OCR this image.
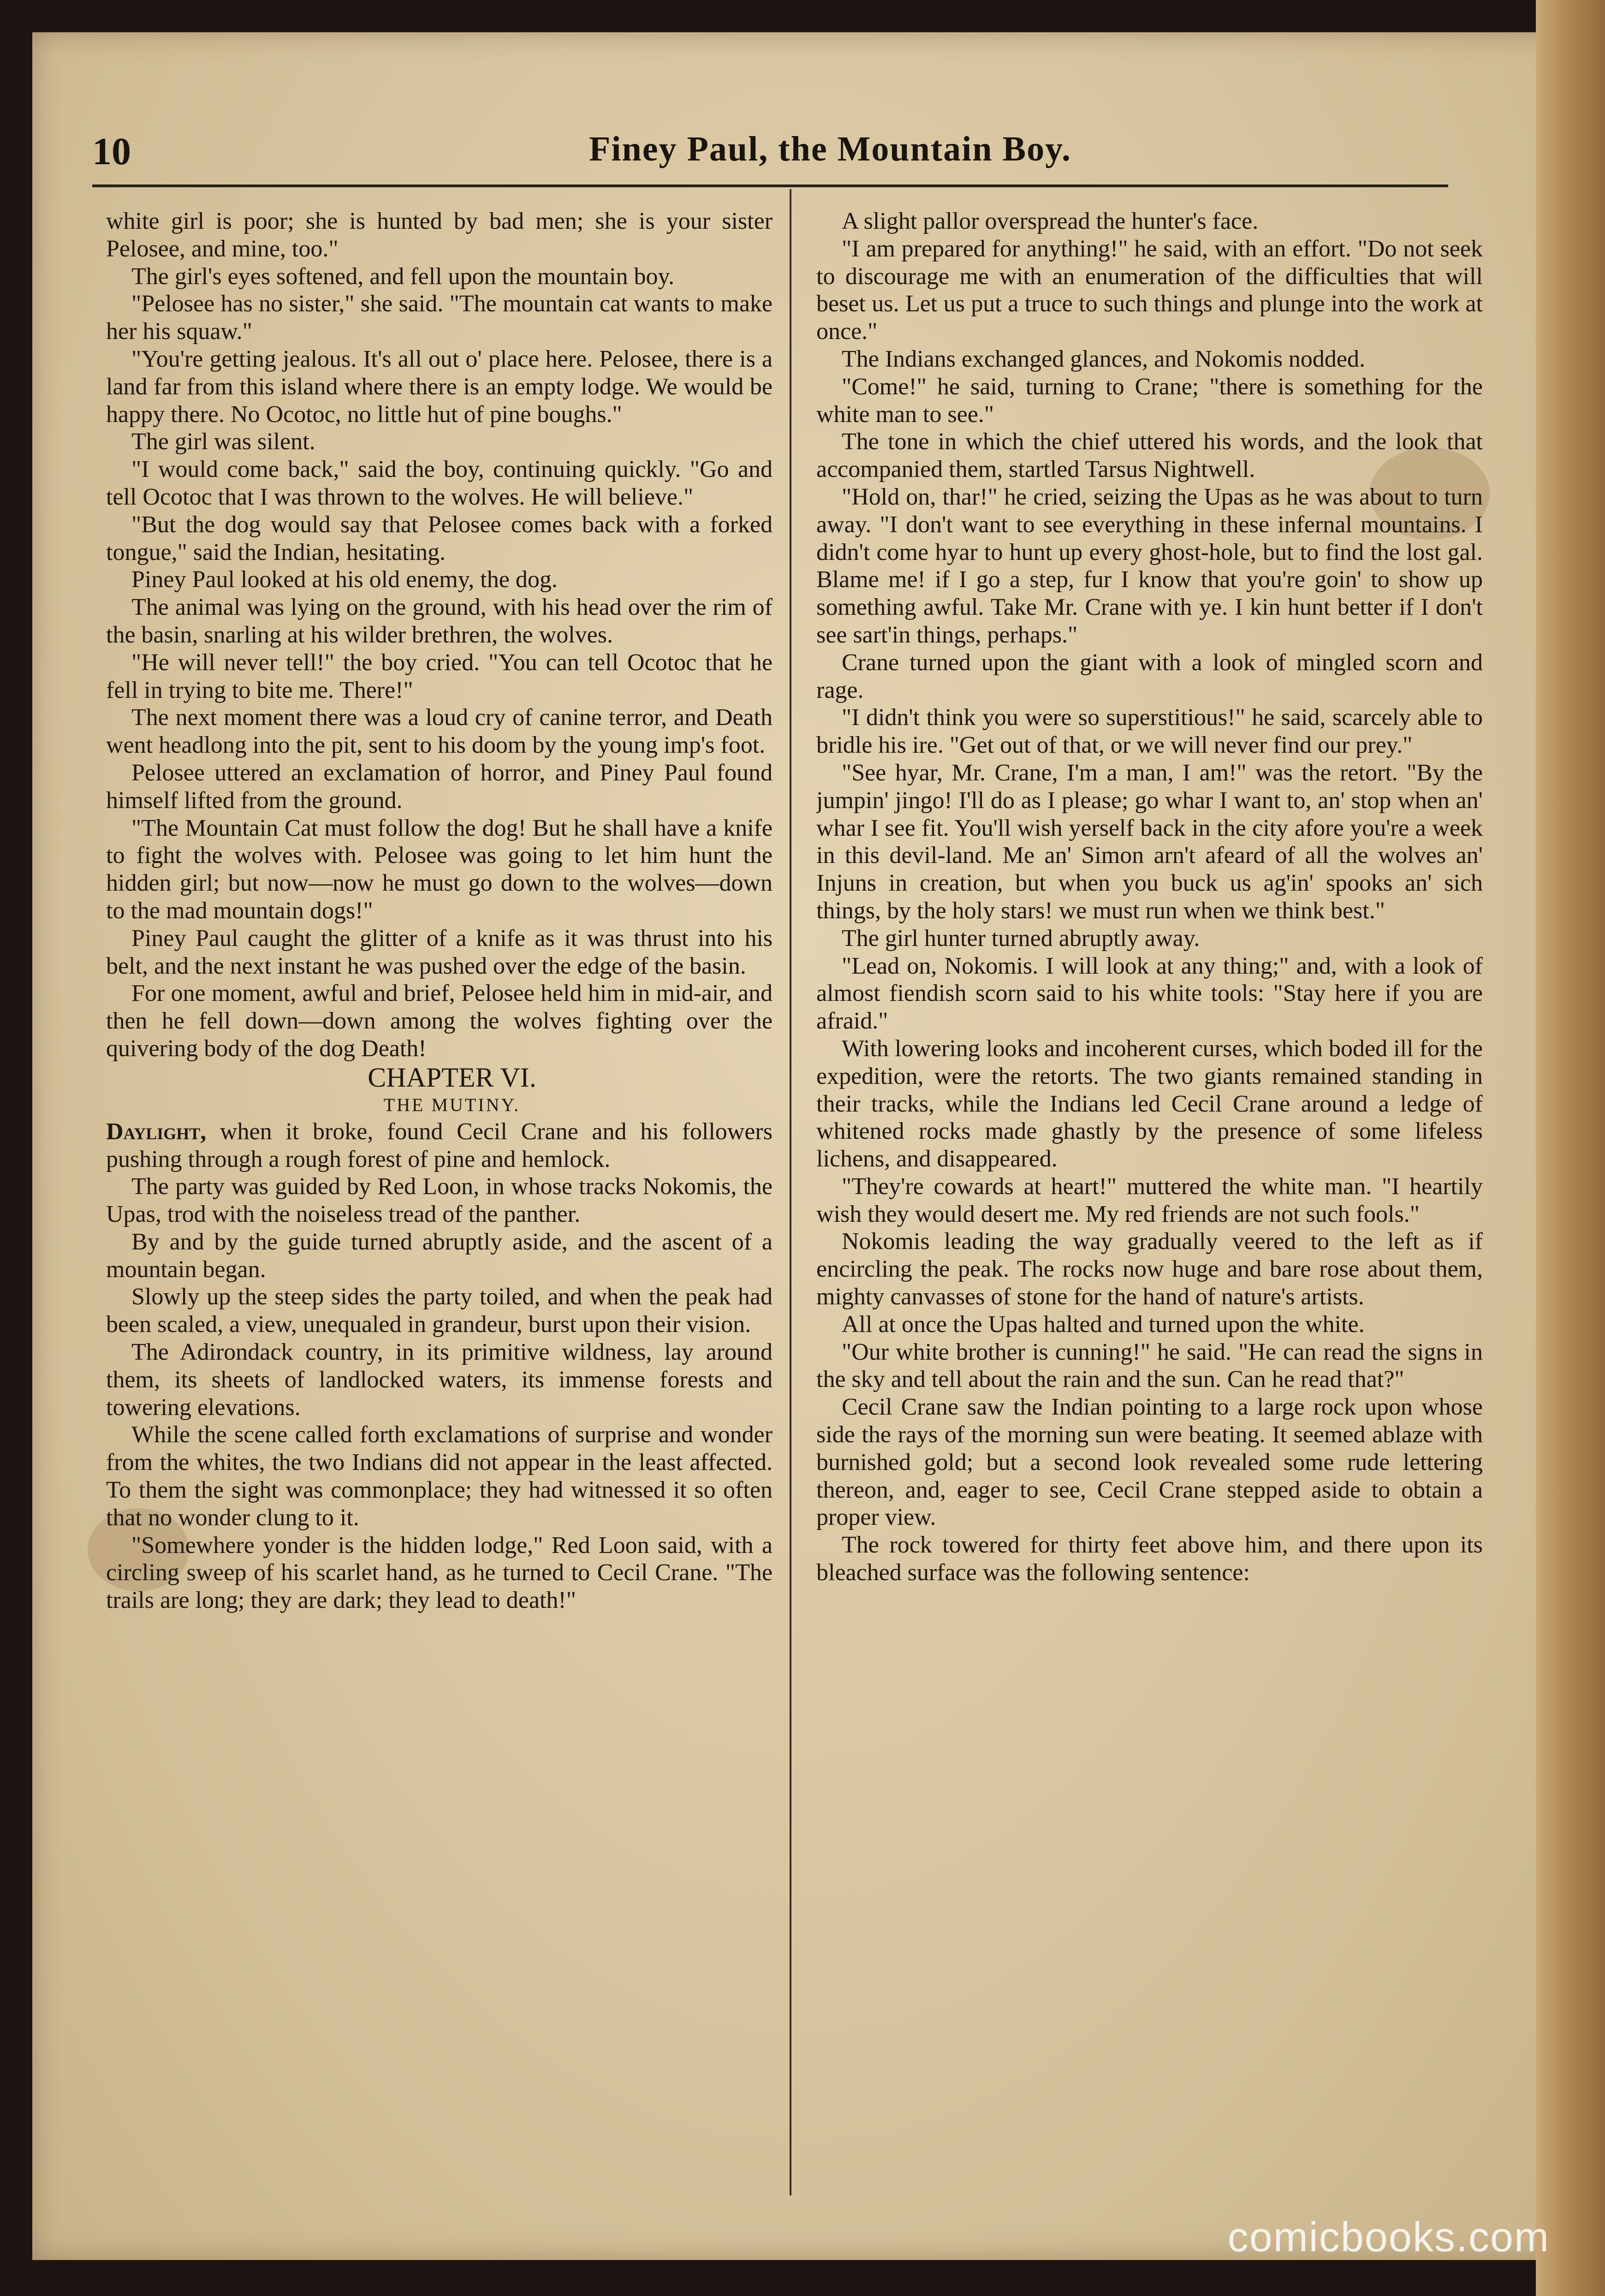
10	Finey Paul, the Mountain Boy.

white girl is poor; she is hunted by bad men; she is your sister Pelosee, and mine, too."

The girl's eyes softened, and fell upon the mountain boy.

"Pelosee has no sister," she said. "The mountain cat wants to make her his squaw."

"You're getting jealous. It's all out o' place here. Pelosee, there is a land far from this island where there is an empty lodge. We would be happy there. No Ocotoc, no little hut of pine boughs."

The girl was silent.

"I would come back," said the boy, continuing quickly. "Go and tell Ocotoc that I was thrown to the wolves. He will believe."

"But the dog would say that Pelosee comes back with a forked tongue," said the Indian, hesitating.

Piney Paul looked at his old enemy, the dog.

The animal was lying on the ground, with his head over the rim of the basin, snarling at his wilder brethren, the wolves.

"He will never tell!" the boy cried. "You can tell Ocotoc that he fell in trying to bite me. There!"

The next moment there was a loud cry of canine terror, and Death went headlong into the pit, sent to his doom by the young imp's foot.

Pelosee uttered an exclamation of horror, and Piney Paul found himself lifted from the ground.

"The Mountain Cat must follow the dog! But he shall have a knife to fight the wolves with. Pelosee was going to let him hunt the hidden girl; but now—now he must go down to the wolves—down to the mad mountain dogs!"

Piney Paul caught the glitter of a knife as it was thrust into his belt, and the next instant he was pushed over the edge of the basin.

For one moment, awful and brief, Pelosee held him in mid-air, and then he fell down—down among the wolves fighting over the quivering body of the dog Death!

CHAPTER VI.

THE MUTINY.

Daylight, when it broke, found Cecil Crane and his followers pushing through a rough forest of pine and hemlock.

The party was guided by Red Loon, in whose tracks Nokomis, the Upas, trod with the noiseless tread of the panther.

By and by the guide turned abruptly aside, and the ascent of a mountain began.

Slowly up the steep sides the party toiled, and when the peak had been scaled, a view, unequaled in grandeur, burst upon their vision.

The Adirondack country, in its primitive wildness, lay around them, its sheets of landlocked waters, its immense forests and towering elevations.

While the scene called forth exclamations of surprise and wonder from the whites, the two Indians did not appear in the least affected. To them the sight was commonplace; they had witnessed it so often that no wonder clung to it.

"Somewhere yonder is the hidden lodge," Red Loon said, with a circling sweep of his scarlet hand, as he turned to Cecil Crane. "The trails are long; they are dark; they lead to death!"

A slight pallor overspread the hunter's face.

"I am prepared for anything!" he said, with an effort. "Do not seek to discourage me with an enumeration of the difficulties that will beset us. Let us put a truce to such things and plunge into the work at once."

The Indians exchanged glances, and Nokomis nodded.

"Come!" he said, turning to Crane; "there is something for the white man to see."

The tone in which the chief uttered his words, and the look that accompanied them, startled Tarsus Nightwell.

"Hold on, thar!" he cried, seizing the Upas as he was about to turn away. "I don't want to see everything in these infernal mountains. I didn't come hyar to hunt up every ghost-hole, but to find the lost gal. Blame me! if I go a step, fur I know that you're goin' to show up something awful. Take Mr. Crane with ye. I kin hunt better if I don't see sart'in things, perhaps."

Crane turned upon the giant with a look of mingled scorn and rage.

"I didn't think you were so superstitious!" he said, scarcely able to bridle his ire. "Get out of that, or we will never find our prey."

"See hyar, Mr. Crane, I'm a man, I am!" was the retort. "By the jumpin' jingo! I'll do as I please; go whar I want to, an' stop when an' whar I see fit. You'll wish yerself back in the city afore you're a week in this devil-land. Me an' Simon arn't afeard of all the wolves an' Injuns in creation, but when you buck us ag'in' spooks an' sich things, by the holy stars! we must run when we think best."

The girl hunter turned abruptly away.

"Lead on, Nokomis. I will look at any thing;" and, with a look of almost fiendish scorn said to his white tools: "Stay here if you are afraid."

With lowering looks and incoherent curses, which boded ill for the expedition, were the retorts. The two giants remained standing in their tracks, while the Indians led Cecil Crane around a ledge of whitened rocks made ghastly by the presence of some lifeless lichens, and disappeared.

"They're cowards at heart!" muttered the white man. "I heartily wish they would desert me. My red friends are not such fools."

Nokomis leading the way gradually veered to the left as if encircling the peak. The rocks now huge and bare rose about them, mighty canvasses of stone for the hand of nature's artists.

All at once the Upas halted and turned upon the white.

"Our white brother is cunning!" he said. "He can read the signs in the sky and tell about the rain and the sun. Can he read that?"

Cecil Crane saw the Indian pointing to a large rock upon whose side the rays of the morning sun were beating. It seemed ablaze with burnished gold; but a second look revealed some rude lettering thereon, and, eager to see, Cecil Crane stepped aside to obtain a proper view.

The rock towered for thirty feet above him, and there upon its bleached surface was the following sentence:

comicbooks.com
